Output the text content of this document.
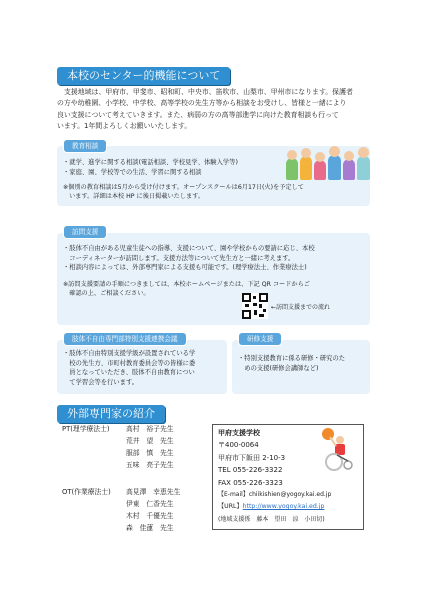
本校のセンター的機能について
支援地域は、甲府市、甲斐市、昭和町、中央市、笛吹市、山梨市、甲州市になります。保護者
の方や幼稚園、小学校、中学校、高等学校の先生方等から相談をお受けし、皆様と一緒により
良い支援について考えていきます。また、病弱の方の高等部進学に向けた教育相談も行って
います。1年間よろしくお願いいたします。
教育相談
・就学、進学に関する相談(電話相談、学校見学、体験入学等)
・家庭、園、学校等での生活、学習に関する相談
※個別の教育相談は5月から受け付けます。オープンスクールは6月17日(火)を予定して
います。詳細は本校 HP に後日掲載いたします。
訪問支援
・肢体不自由がある児童生徒への指導、支援について、園や学校からの要請に応じ、本校
　コーディネーターが訪問します。支援方法等について先生方と一緒に考えます。
・相談内容によっては、外部専門家による支援も可能です。(理学療法士、作業療法士)
※訪問支援要請の手順につきましては、本校ホームページまたは、下記 QR コードからご
　確認の上、ご相談ください。
←訪問支援までの流れ
肢体不自由専門部特別支援連携会議
・肢体不自由特別支援学級が設置されている学
　校の先生方、市町村教育委員会等の皆様に委
　員となっていただき、肢体不自由教育につい
　て学習会等を行います。
研修支援
・特別支援教育に係る研修・研究のた
　めの支援(研修会講師など)
外部専門家の紹介
PT(理学療法士) 高村　裕子先生
荒井　望　先生
服部　慎　先生
五味　亮子先生
OT(作業療法士) 高見澤　幸恵先生
伊東　仁香先生
木村　千優先生
森　佳蓮　先生
甲府支援学校
〒400-0064
甲府市下飯田 2-10-3
TEL 055-226-3322
FAX 055-226-3323
【E-mail】chiikishien@yogoy.kai.ed.jp
【URL】http://www.yogoy.kai.ed.jp
(地域支援係　藤本　望田　涼　小田切)
